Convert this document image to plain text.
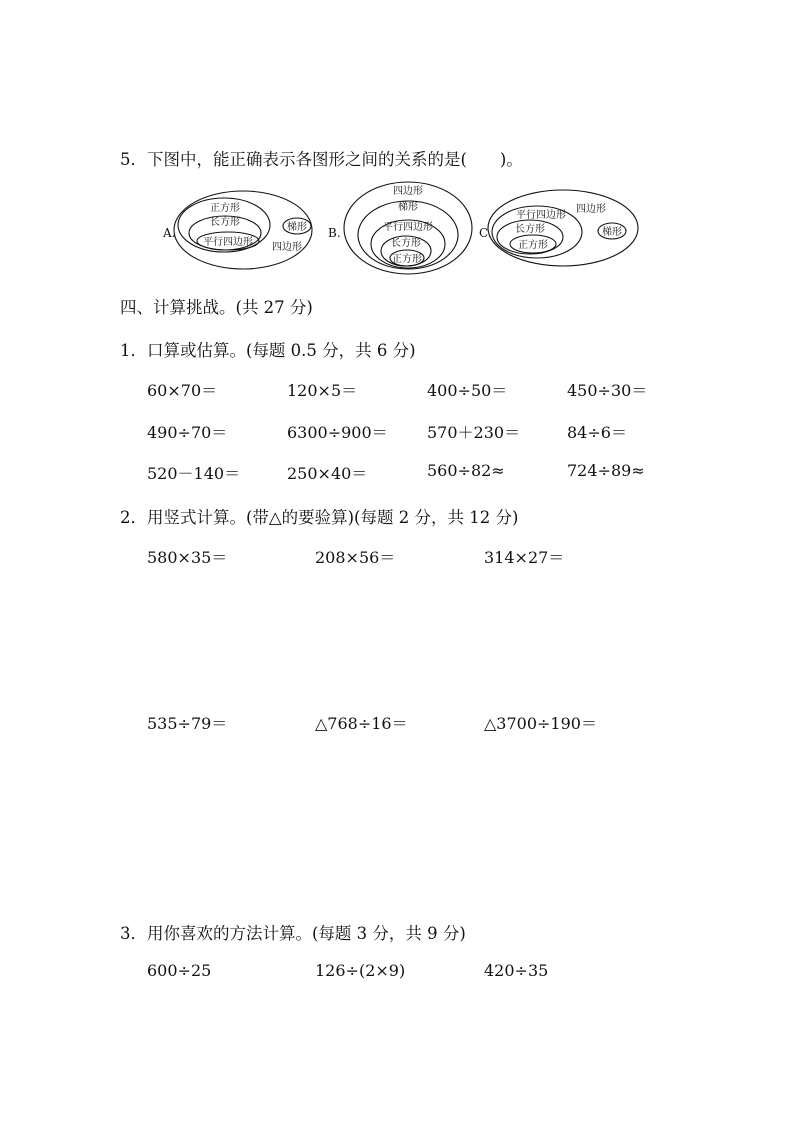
5．下图中，能正确表示各图形之间的关系的是(　　)。
A.
正方形
长方形
平行四边形
梯形
四边形
B.
四边形
梯形
平行四边形
长方形
正方形
C.
平行四边形
四边形
长方形
正方形
梯形
四、计算挑战。(共 27 分)
1．口算或估算。(每题 0.5 分，共 6 分)
60×70＝	120×5＝	400÷50＝	450÷30＝
490÷70＝	6300÷900＝ 570＋230＝	84÷6＝
520－140＝	250×40＝	560÷82≈	724÷89≈
2．用竖式计算。(带△的要验算)(每题 2 分，共 12 分)
580×35＝	208×56＝	314×27＝
535÷79＝	△768÷16＝	△3700÷190＝
3．用你喜欢的方法计算。(每题 3 分，共 9 分)
600÷25	126÷(2×9)	420÷35
